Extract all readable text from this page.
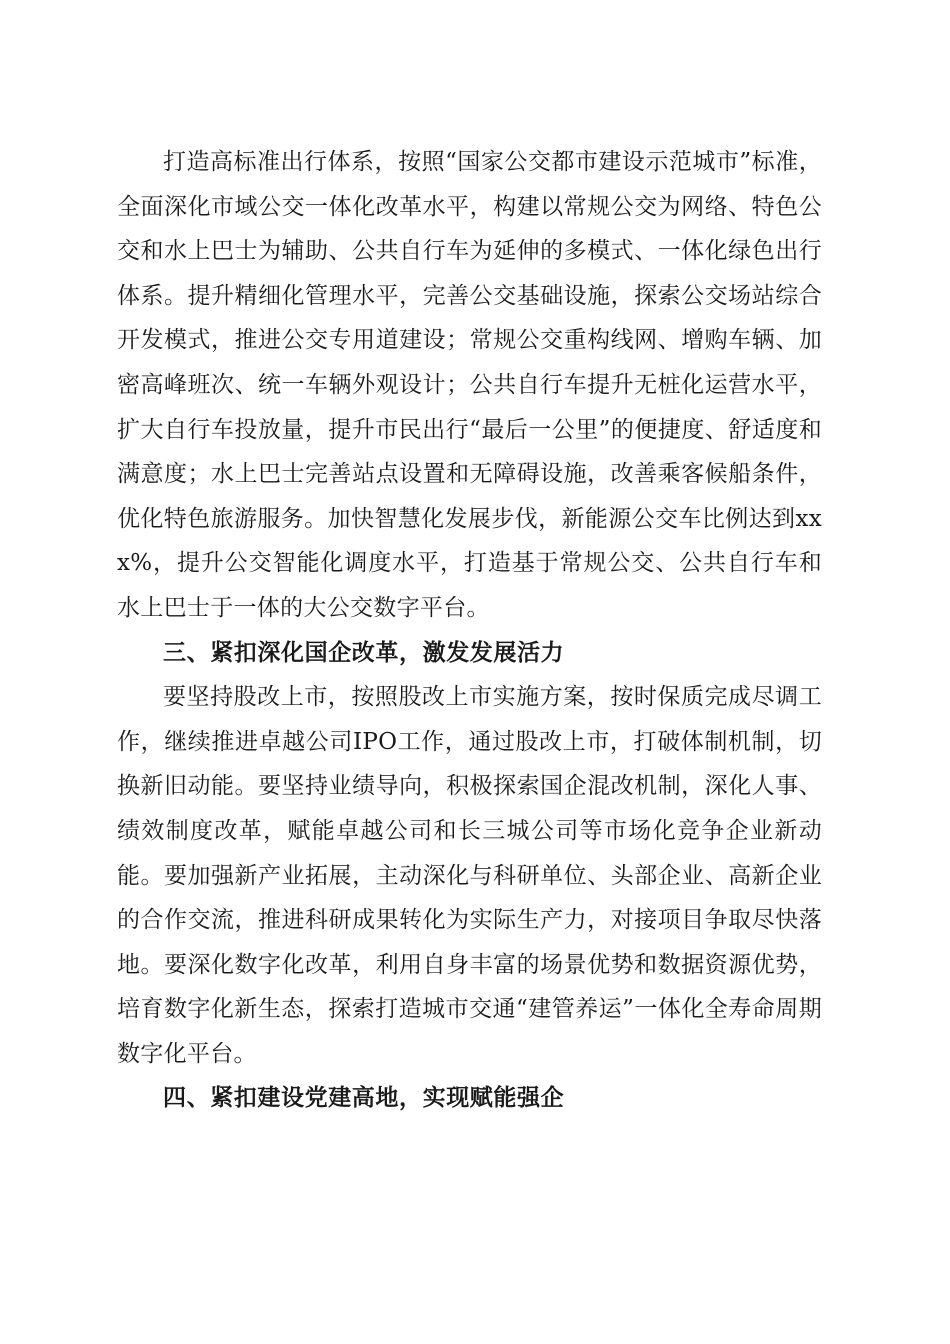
打造高标准出行体系，按照“国家公交都市建设示范城市”标准，全面深化市域公交一体化改革水平，构建以常规公交为网络、特色公交和水上巴士为辅助、公共自行车为延伸的多模式、一体化绿色出行体系。提升精细化管理水平，完善公交基础设施，探索公交场站综合开发模式，推进公交专用道建设；常规公交重构线网、增购车辆、加密高峰班次、统一车辆外观设计；公共自行车提升无桩化运营水平，扩大自行车投放量，提升市民出行“最后一公里”的便捷度、舒适度和满意度；水上巴士完善站点设置和无障碍设施，改善乘客候船条件，优化特色旅游服务。加快智慧化发展步伐，新能源公交车比例达到xxx%，提升公交智能化调度水平，打造基于常规公交、公共自行车和水上巴士于一体的大公交数字平台。

三、紧扣深化国企改革，激发发展活力

要坚持股改上市，按照股改上市实施方案，按时保质完成尽调工作，继续推进卓越公司IPO工作，通过股改上市，打破体制机制，切换新旧动能。要坚持业绩导向，积极探索国企混改机制，深化人事、绩效制度改革，赋能卓越公司和长三城公司等市场化竞争企业新动能。要加强新产业拓展，主动深化与科研单位、头部企业、高新企业的合作交流，推进科研成果转化为实际生产力，对接项目争取尽快落地。要深化数字化改革，利用自身丰富的场景优势和数据资源优势，培育数字化新生态，探索打造城市交通“建管养运”一体化全寿命周期数字化平台。

四、紧扣建设党建高地，实现赋能强企
